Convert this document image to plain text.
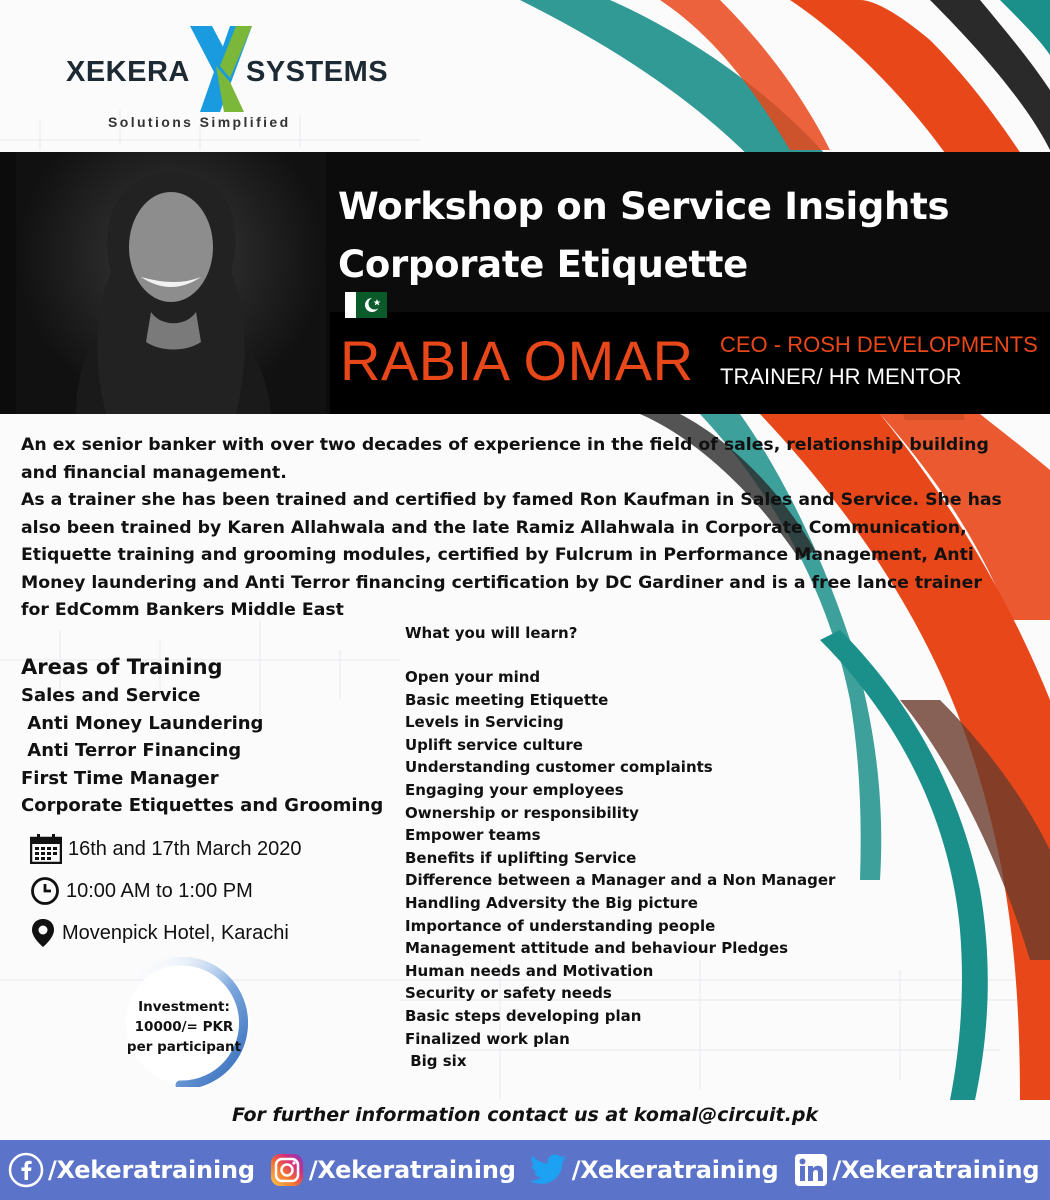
XEKERA SYSTEMS
Solutions Simplified
Workshop on Service Insights
Corporate Etiquette
RABIA OMAR CEO - ROSH DEVELOPMENTS
TRAINER/ HR MENTOR
An ex senior banker with over two decades of experience in the field of sales, relationship building
and financial management.
As a trainer she has been trained and certified by famed Ron Kaufman in Sales and Service. She has
also been trained by Karen Allahwala and the late Ramiz Allahwala in Corporate Communication,
Etiquette training and grooming modules, certified by Fulcrum in Performance Management, Anti
Money laundering and Anti Terror financing certification by DC Gardiner and is a free lance trainer
for EdComm Bankers Middle East
Areas of Training
Sales and Service
Anti Money Laundering
Anti Terror Financing
First Time Manager
Corporate Etiquettes and Grooming
16th and 17th March 2020
10:00 AM to 1:00 PM
Movenpick Hotel, Karachi
Investment:
10000/= PKR
per participant
What you will learn?
Open your mind
Basic meeting Etiquette
Levels in Servicing
Uplift service culture
Understanding customer complaints
Engaging your employees
Ownership or responsibility
Empower teams
Benefits if uplifting Service
Difference between a Manager and a Non Manager
Handling Adversity the Big picture
Importance of understanding people
Management attitude and behaviour Pledges
Human needs and Motivation
Security or safety needs
Basic steps developing plan
Finalized work plan
Big six
For further information contact us at komal@circuit.pk
/Xekeratraining /Xekeratraining /Xekeratraining /Xekeratraining
